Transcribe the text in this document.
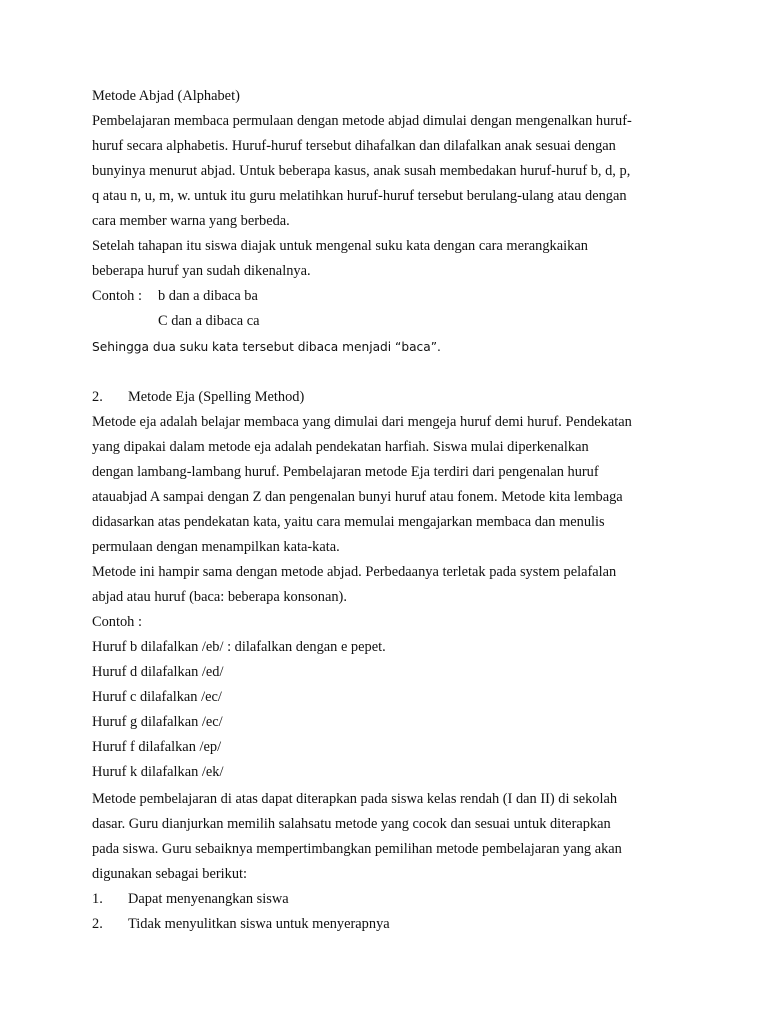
Metode Abjad (Alphabet)
Pembelajaran membaca permulaan dengan metode abjad dimulai dengan mengenalkan huruf-
huruf secara alphabetis. Huruf-huruf tersebut dihafalkan dan dilafalkan anak sesuai dengan
bunyinya menurut abjad. Untuk beberapa kasus, anak susah membedakan huruf-huruf b, d, p,
q atau n, u, m, w. untuk itu guru melatihkan huruf-huruf tersebut berulang-ulang atau dengan
cara member warna yang berbeda.
Setelah tahapan itu siswa diajak untuk mengenal suku kata dengan cara merangkaikan
beberapa huruf yan sudah dikenalnya.
Contoh : b dan a dibaca ba
C dan a dibaca ca
Sehingga dua suku kata tersebut dibaca menjadi “baca”.
2. Metode Eja (Spelling Method)
Metode eja adalah belajar membaca yang dimulai dari mengeja huruf demi huruf. Pendekatan
yang dipakai dalam metode eja adalah pendekatan harfiah. Siswa mulai diperkenalkan
dengan lambang-lambang huruf. Pembelajaran metode Eja terdiri dari pengenalan huruf
atauabjad A sampai dengan Z dan pengenalan bunyi huruf atau fonem. Metode kita lembaga
didasarkan atas pendekatan kata, yaitu cara memulai mengajarkan membaca dan menulis
permulaan dengan menampilkan kata-kata.
Metode ini hampir sama dengan metode abjad. Perbedaanya terletak pada system pelafalan
abjad atau huruf (baca: beberapa konsonan).
Contoh :
Huruf b dilafalkan /eb/ : dilafalkan dengan e pepet.
Huruf d dilafalkan /ed/
Huruf c dilafalkan /ec/
Huruf g dilafalkan /ec/
Huruf f dilafalkan /ep/
Huruf k dilafalkan /ek/
Metode pembelajaran di atas dapat diterapkan pada siswa kelas rendah (I dan II) di sekolah
dasar. Guru dianjurkan memilih salahsatu metode yang cocok dan sesuai untuk diterapkan
pada siswa. Guru sebaiknya mempertimbangkan pemilihan metode pembelajaran yang akan
digunakan sebagai berikut:
1. Dapat menyenangkan siswa
2. Tidak menyulitkan siswa untuk menyerapnya
